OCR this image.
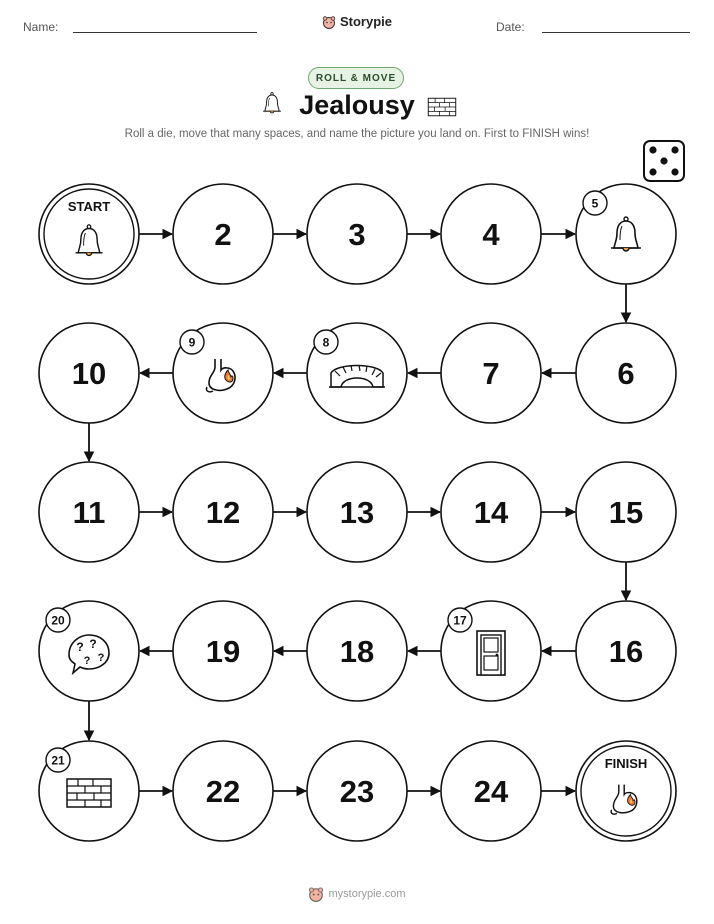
Name:	Storypie	Date:
ROLL & MOVE
Jealousy
Roll a die, move that many spaces, and name the picture you land on. First to FINISH wins!
START
2	3	4
5
6
7
8
9
10
11	12	13	14	15
16
17
18
19
20
21
22	23	24
FINISH
mystorypie.com
